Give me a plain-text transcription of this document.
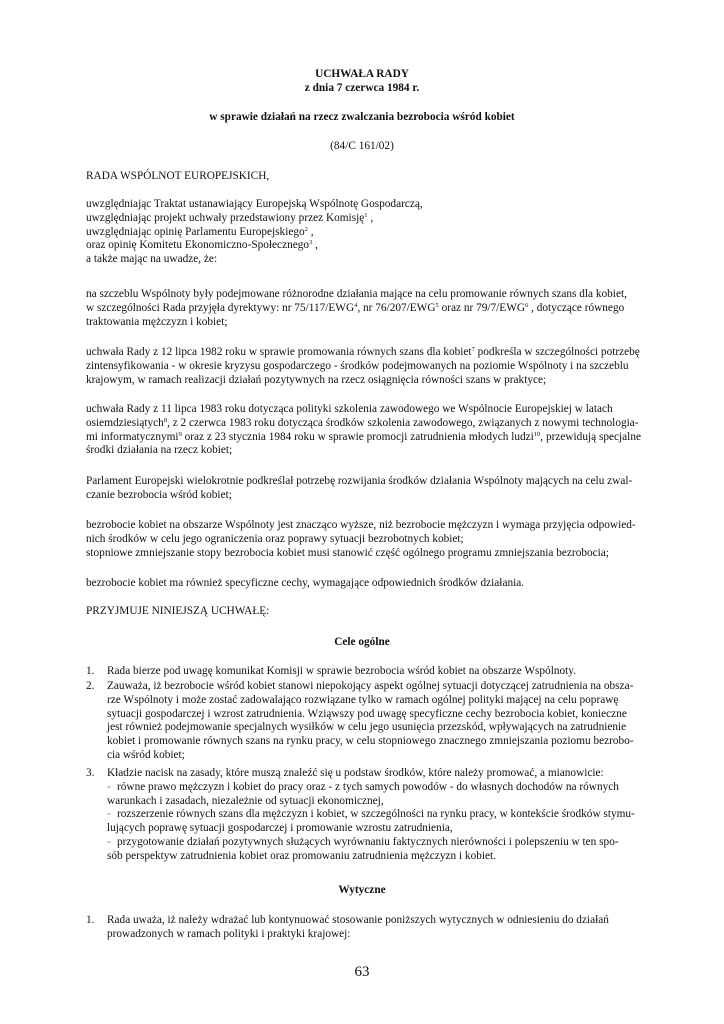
UCHWAŁA RADY
z dnia 7 czerwca 1984 r.
w sprawie działań na rzecz zwalczania bezrobocia wśród kobiet
(84/C 161/02)
RADA WSPÓLNOT EUROPEJSKICH,
uwzględniając Traktat ustanawiający Europejską Wspólnotę Gospodarczą,
uwzględniając projekt uchwały przedstawiony przez Komisję$^1$ ,
uwzględniając opinię Parlamentu Europejskiego$^2$ ,
oraz opinię Komitetu Ekonomiczno-Społecznego$^3$ ,
a także mając na uwadze, że:
na szczeblu Wspólnoty były podejmowane różnorodne działania mające na celu promowanie równych szans dla kobiet,
w szczególności Rada przyjęła dyrektywy: nr 75/117/EWG$^4$, nr 76/207/EWG$^5$ oraz nr 79/7/EWG$^6$ , dotyczące równego
traktowania mężczyzn i kobiet;
uchwała Rady z 12 lipca 1982 roku w sprawie promowania równych szans dla kobiet$^7$ podkreśla w szczególności potrzebę
zintensyfikowania - w okresie kryzysu gospodarczego - środków podejmowanych na poziomie Wspólnoty i na szczeblu
krajowym, w ramach realizacji działań pozytywnych na rzecz osiągnięcia równości szans w praktyce;
uchwała Rady z 11 lipca 1983 roku dotycząca polityki szkolenia zawodowego we Wspólnocie Europejskiej w latach
osiemdziesiątych$^8$, z 2 czerwca 1983 roku dotycząca środków szkolenia zawodowego, związanych z nowymi technologia-
mi informatycznymi$^9$ oraz z 23 stycznia 1984 roku w sprawie promocji zatrudnienia młodych ludzi$^{10}$, przewidują specjalne
środki działania na rzecz kobiet;
Parlament Europejski wielokrotnie podkreślał potrzebę rozwijania środków działania Wspólnoty mających na celu zwal-
czanie bezrobocia wśród kobiet;
bezrobocie kobiet na obszarze Wspólnoty jest znacząco wyższe, niż bezrobocie mężczyzn i wymaga przyjęcia odpowied-
nich środków w celu jego ograniczenia oraz poprawy sytuacji bezrobotnych kobiet;
stopniowe zmniejszanie stopy bezrobocia kobiet musi stanowić część ogólnego programu zmniejszania bezrobocia;
bezrobocie kobiet ma również specyficzne cechy, wymagające odpowiednich środków działania.
PRZYJMUJE NINIEJSZĄ UCHWAŁĘ:
Cele ogólne
1.	Rada bierze pod uwagę komunikat Komisji w sprawie bezrobocia wśród kobiet na obszarze Wspólnoty.
2.	Zauważa, iż bezrobocie wśród kobiet stanowi niepokojący aspekt ogólnej sytuacji dotyczącej zatrudnienia na obsza-
rze Wspólnoty i może zostać zadowalająco rozwiązane tylko w ramach ogólnej polityki mającej na celu poprawę
sytuacji gospodarczej i wzrost zatrudnienia. Wziąwszy pod uwagę specyficzne cechy bezrobocia kobiet, konieczne
jest również podejmowanie specjalnych wysiłków w celu jego usunięcia przezskód, wpływających na zatrudnienie
kobiet i promowanie równych szans na rynku pracy, w celu stopniowego znacznego zmniejszania poziomu bezrobo-
cia wśród kobiet;
3.	Kładzie nacisk na zasady, które muszą znaleźć się u podstaw środków, które należy promować, a mianowicie:
- równe prawo mężczyzn i kobiet do pracy oraz - z tych samych powodów - do własnych dochodów na równych
warunkach i zasadach, niezależnie od sytuacji ekonomicznej,
- rozszerzenie równych szans dla mężczyzn i kobiet, w szczególności na rynku pracy, w kontekście środków stymu-
lujących poprawę sytuacji gospodarczej i promowanie wzrostu zatrudnienia,
- przygotowanie działań pozytywnych służących wyrównaniu faktycznych nierówności i polepszeniu w ten spo-
sób perspektyw zatrudnienia kobiet oraz promowaniu zatrudnienia mężczyzn i kobiet.
Wytyczne
1.	Rada uważa, iż należy wdrażać lub kontynuować stosowanie poniższych wytycznych w odniesieniu do działań
prowadzonych w ramach polityki i praktyki krajowej:
63
